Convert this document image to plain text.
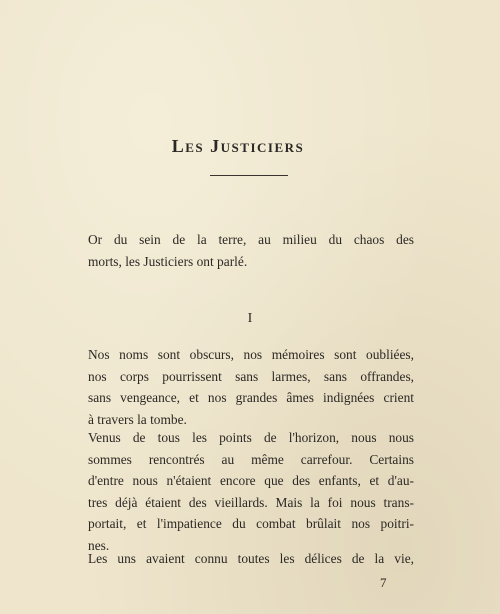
Les Justiciers

Or du sein de la terre, au milieu du chaos des
morts, les Justiciers ont parlé.

I

Nos noms sont obscurs, nos mémoires sont oubliées,
nos corps pourrissent sans larmes, sans offrandes,
sans vengeance, et nos grandes âmes indignées crient
à travers la tombe.

Venus de tous les points de l'horizon, nous nous
sommes rencontrés au même carrefour. Certains
d'entre nous n'étaient encore que des enfants, et d'au-
tres déjà étaient des vieillards. Mais la foi nous trans-
portait, et l'impatience du combat brûlait nos poitri-
nes.

Les uns avaient connu toutes les délices de la vie,

7
